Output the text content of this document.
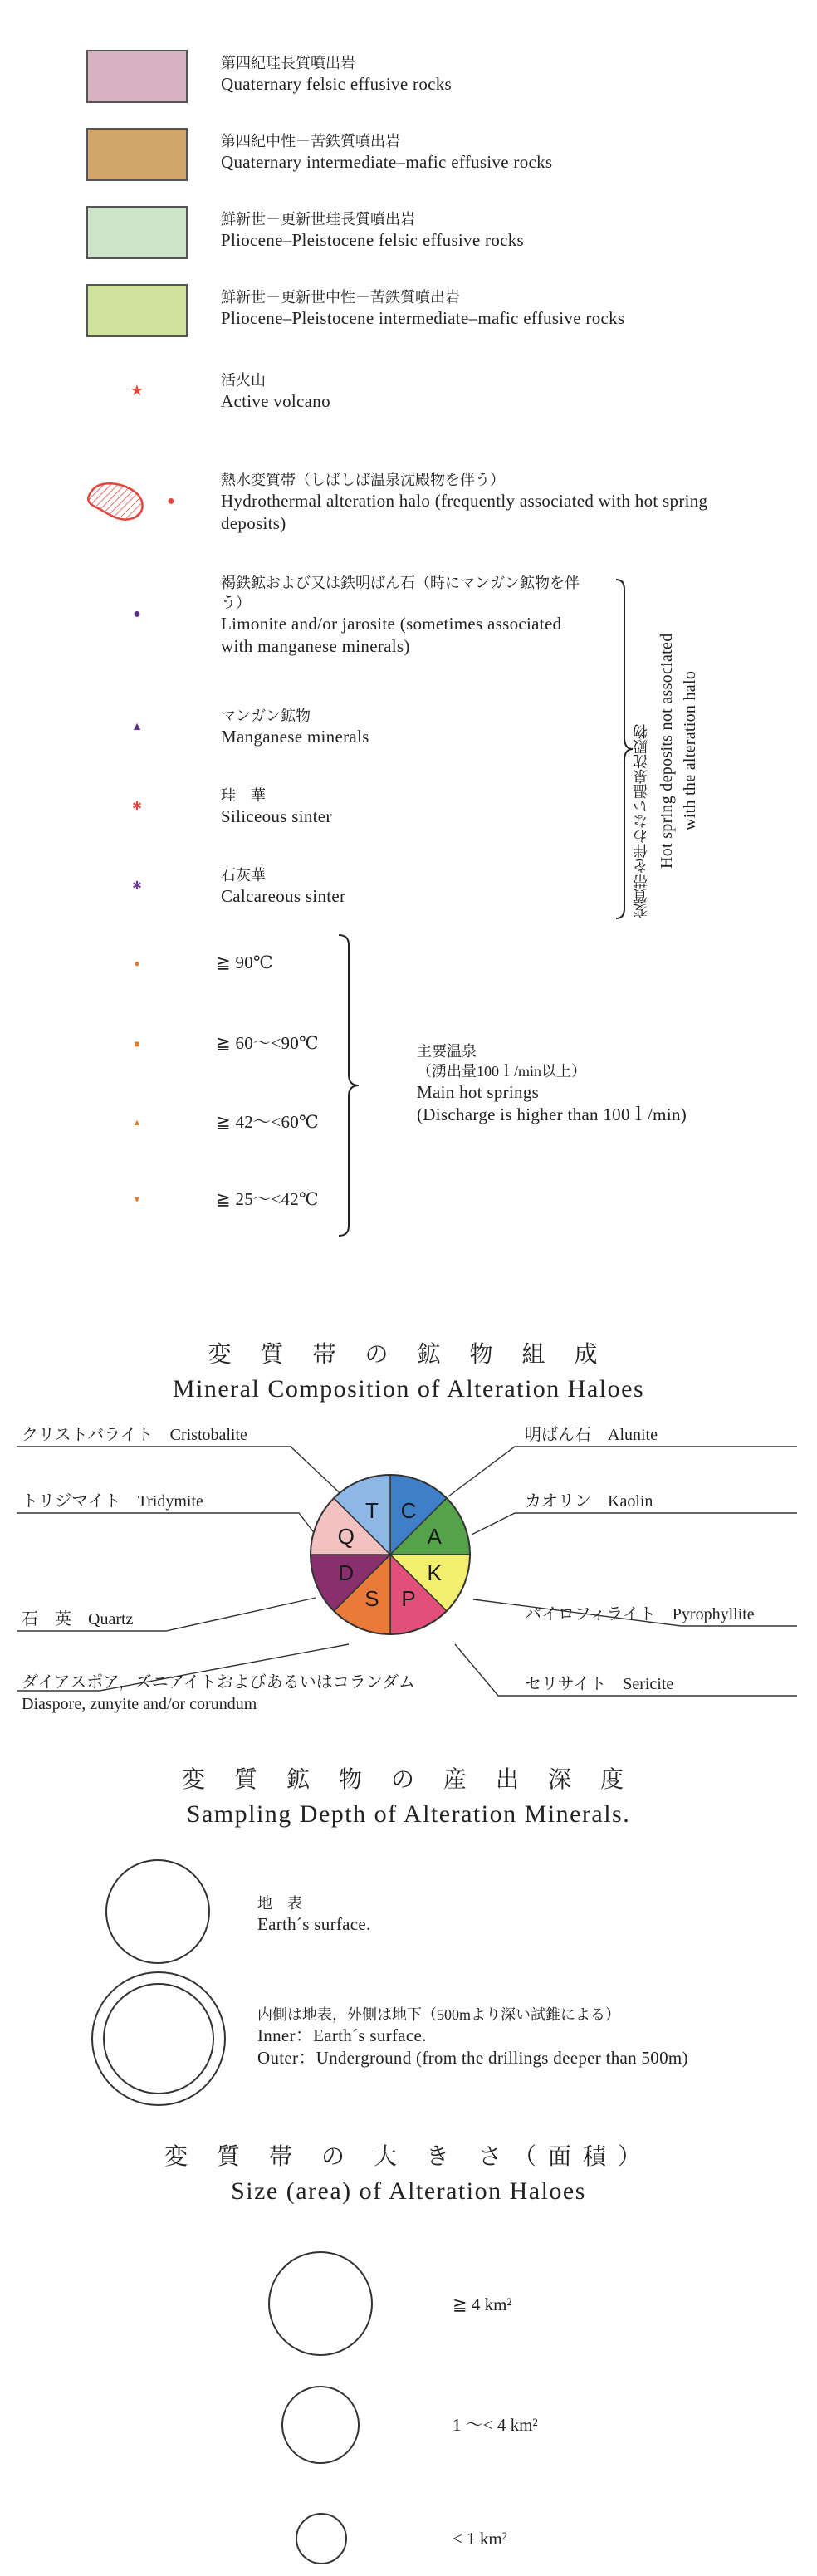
第四紀珪長質噴出岩
Quaternary felsic effusive rocks
第四紀中性－苦鉄質噴出岩
Quaternary intermediate–mafic effusive rocks
鮮新世－更新世珪長質噴出岩
Pliocene–Pleistocene felsic effusive rocks
鮮新世－更新世中性－苦鉄質噴出岩
Pliocene–Pleistocene intermediate–mafic effusive rocks
★
活火山
Active volcano
●
熱水変質帯（しばしば温泉沈殿物を伴う）
Hydrothermal alteration halo (frequently associated with hot spring deposits)
●
褐鉄鉱および又は鉄明ばん石（時にマンガン鉱物を伴う）
Limonite and/or jarosite (sometimes associated with manganese minerals)
▲
マンガン鉱物
Manganese minerals
✱
珪　華
Siliceous sinter
✱
石灰華
Calcareous sinter	変質帯を伴わない温泉沈殿物 Hot spring deposits not associated with the alteration halo
●	≧ 90℃
■	≧ 60～<90℃
▲	≧ 42～<60℃
▼	≧ 25～<42℃
主要温泉
（湧出量100ｌ/min以上）
Main hot springs
(Discharge is higher than 100ｌ/min)
変 質 帯 の 鉱 物 組 成
Mineral Composition of Alteration Haloes
C
A
K
P
S
D
Q
T
クリストバライト　Cristobalite
トリジマイト　Tridymite
石　英　Quartz
明ばん石　Alunite
カオリン　Kaolin
パイロフィライト　Pyrophyllite
セリサイト　Sericite
ダイアスポア，ズニアイトおよびあるいはコランダム
Diaspore, zunyite and/or corundum
変 質 鉱 物 の 産 出 深 度
Sampling Depth of Alteration Minerals.
地　表
Earth´s surface.
内側は地表，外側は地下（500mより深い試錐による）
Inner：Earth´s surface.
Outer：Underground (from the drillings deeper than 500m)
変 質 帯 の 大 き さ（面積）
Size (area) of Alteration Haloes
≧ 4 km²
1 ～< 4 km²
< 1 km²
